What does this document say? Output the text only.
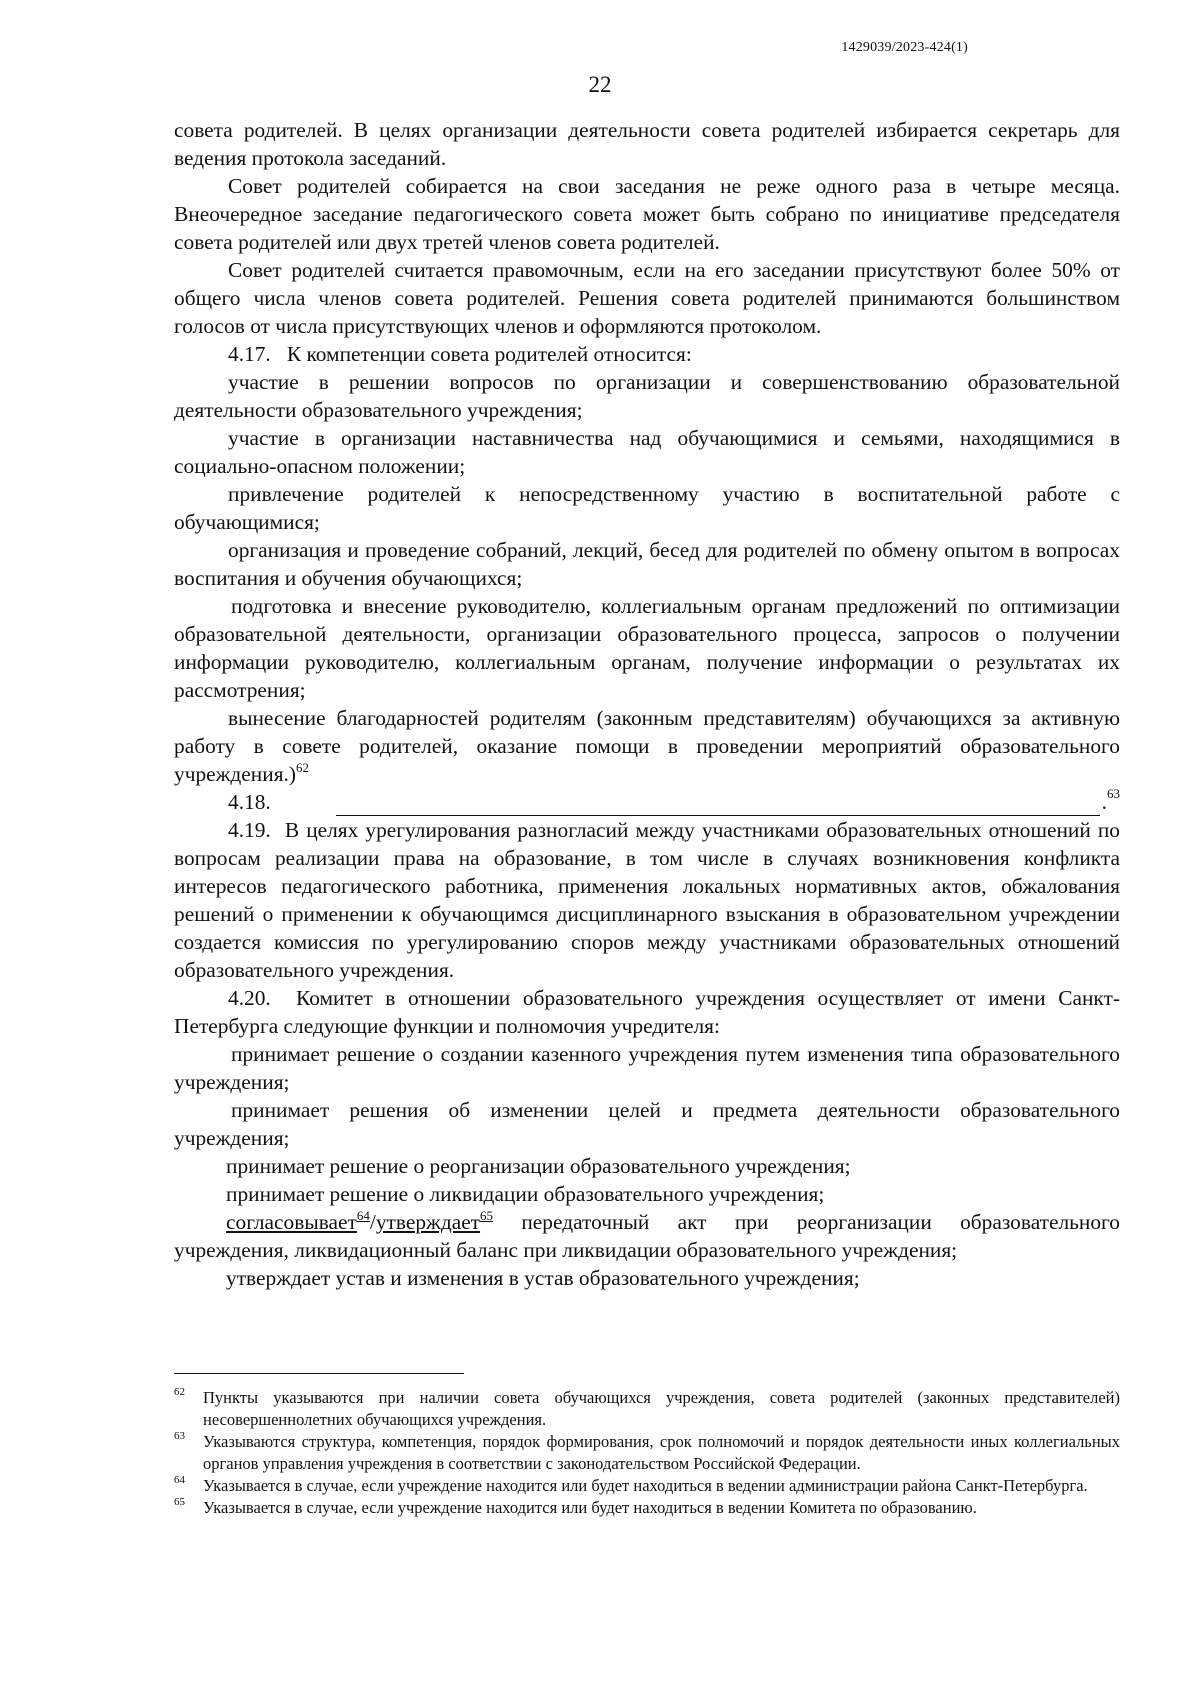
1429039/2023-424(1)
22

совета родителей. В целях организации деятельности совета родителей избирается секретарь для ведения протокола заседаний.

Совет родителей собирается на свои заседания не реже одного раза в четыре месяца. Внеочередное заседание педагогического совета может быть собрано по инициативе председателя совета родителей или двух третей членов совета родителей.

Совет родителей считается правомочным, если на его заседании присутствуют более 50% от общего числа членов совета родителей. Решения совета родителей принимаются большинством голосов от числа присутствующих членов и оформляются протоколом.

4.17.   К компетенции совета родителей относится:

участие в решении вопросов по организации и совершенствованию образовательной деятельности образовательного учреждения;

участие в организации наставничества над обучающимися и семьями, находящимися в социально-опасном положении;

привлечение родителей к непосредственному участию в воспитательной работе с обучающимися;

организация и проведение собраний, лекций, бесед для родителей по обмену опытом в вопросах воспитания и обучения обучающихся;

подготовка и внесение руководителю, коллегиальным органам предложений по оптимизации образовательной деятельности, организации образовательного процесса, запросов о получении информации руководителю, коллегиальным органам, получение информации о результатах их рассмотрения;

вынесение благодарностей родителям (законным представителям) обучающихся за активную работу в совете родителей, оказание помощи в проведении мероприятий образовательного учреждения.)$^{62}$

4.18.	. 63

4.19.  В целях урегулирования разногласий между участниками образовательных отношений по вопросам реализации права на образование, в том числе в случаях возникновения конфликта интересов педагогического работника, применения локальных нормативных актов, обжалования решений о применении к обучающимся дисциплинарного взыскания в образовательном учреждении создается комиссия по урегулированию споров между участниками образовательных отношений образовательного учреждения.

4.20.  Комитет в отношении образовательного учреждения осуществляет от имени Санкт-Петербурга следующие функции и полномочия учредителя:

принимает решение о создании казенного учреждения путем изменения типа образовательного учреждения;

принимает решения об изменении целей и предмета деятельности образовательного учреждения;

принимает решение о реорганизации образовательного учреждения;

принимает решение о ликвидации образовательного учреждения;

согласовывает$^{64}$/утверждает$^{65}$ передаточный акт при реорганизации образовательного учреждения, ликвидационный баланс при ликвидации образовательного учреждения;

утверждает устав и изменения в устав образовательного учреждения;

62 Пункты указываются при наличии совета обучающихся учреждения, совета родителей (законных представителей) несовершеннолетних обучающихся учреждения.
63 Указываются структура, компетенция, порядок формирования, срок полномочий и порядок деятельности иных коллегиальных органов управления учреждения в соответствии с законодательством Российской Федерации.
64 Указывается в случае, если учреждение находится или будет находиться в ведении администрации района Санкт-Петербурга.
65 Указывается в случае, если учреждение находится или будет находиться в ведении Комитета по образованию.
